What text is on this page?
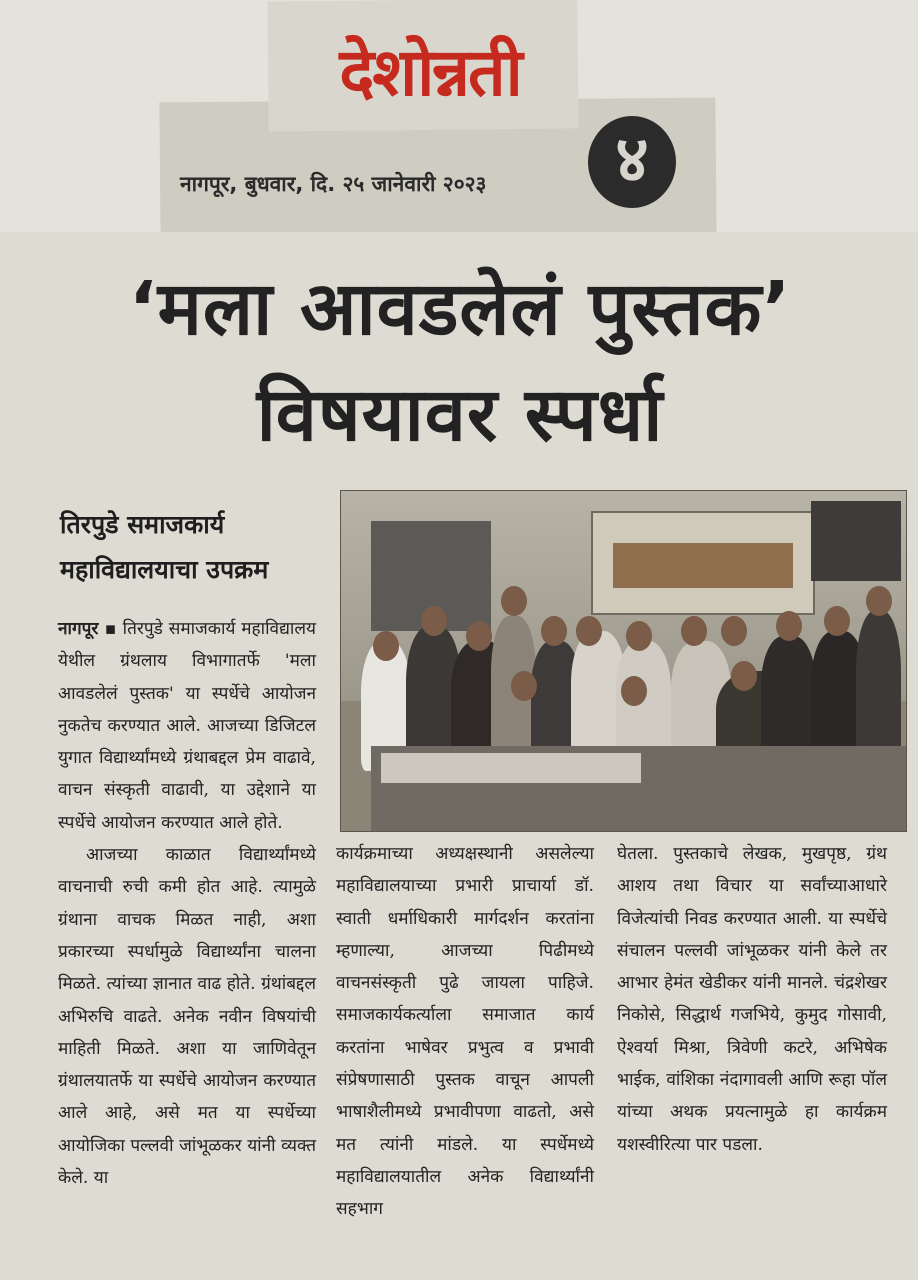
देशोन्नती
नागपूर, बुधवार, दि. २५ जानेवारी २०२३	४
‘मला आवडलेलं पुस्तक’
विषयावर स्पर्धा
तिरपुडे समाजकार्य
महाविद्यालयाचा उपक्रम

नागपूर ▪ तिरपुडे समाजकार्य महाविद्यालय येथील ग्रंथलाय विभागातर्फे 'मला आवडलेलं पुस्तक' या स्पर्धेचे आयोजन नुकतेच करण्यात आले. आजच्या डिजिटल युगात विद्यार्थ्यांमध्ये ग्रंथाबद्दल प्रेम वाढावे, वाचन संस्कृती वाढावी, या उद्देशाने या स्पर्धेचे आयोजन करण्यात आले होते.

आजच्या काळात विद्यार्थ्यांमध्ये वाचनाची रुची कमी होत आहे. त्यामुळे ग्रंथाना वाचक मिळत नाही, अशा प्रकारच्या स्पर्धामुळे विद्यार्थ्यांना चालना मिळते. त्यांच्या ज्ञानात वाढ होते. ग्रंथांबद्दल अभिरुचि वाढते. अनेक नवीन विषयांची माहिती मिळते. अशा या जाणिवेतून ग्रंथालयातर्फे या स्पर्धेचे आयोजन करण्यात आले आहे, असे मत या स्पर्धेच्या आयोजिका पल्लवी जांभूळकर यांनी व्यक्त केले. या

कार्यक्रमाच्या अध्यक्षस्थानी असलेल्या महाविद्यालयाच्या प्रभारी प्राचार्या डॉ. स्वाती धर्माधिकारी मार्गदर्शन करतांना म्हणाल्या, आजच्या पिढीमध्ये वाचनसंस्कृती पुढे जायला पाहिजे. समाजकार्यकर्त्याला समाजात कार्य करतांना भाषेवर प्रभुत्व व प्रभावी संप्रेषणासाठी पुस्तक वाचून आपली भाषाशैलीमध्ये प्रभावीपणा वाढतो, असे मत त्यांनी मांडले. या स्पर्धेमध्ये महाविद्यालयातील अनेक विद्यार्थ्यांनी सहभाग

घेतला. पुस्तकाचे लेखक, मुखपृष्ठ, ग्रंथ आशय तथा विचार या सर्वांच्याआधारे विजेत्यांची निवड करण्यात आली. या स्पर्धेचे संचालन पल्लवी जांभूळकर यांनी केले तर आभार हेमंत खेडीकर यांनी मानले. चंद्रशेखर निकोसे, सिद्धार्थ गजभिये, कुमुद गोसावी, ऐश्वर्या मिश्रा, त्रिवेणी कटरे, अभिषेक भाईक, वांशिका नंदागावली आणि रूहा पॉल यांच्या अथक प्रयत्नामुळे हा कार्यक्रम यशस्वीरित्या पार पडला.
